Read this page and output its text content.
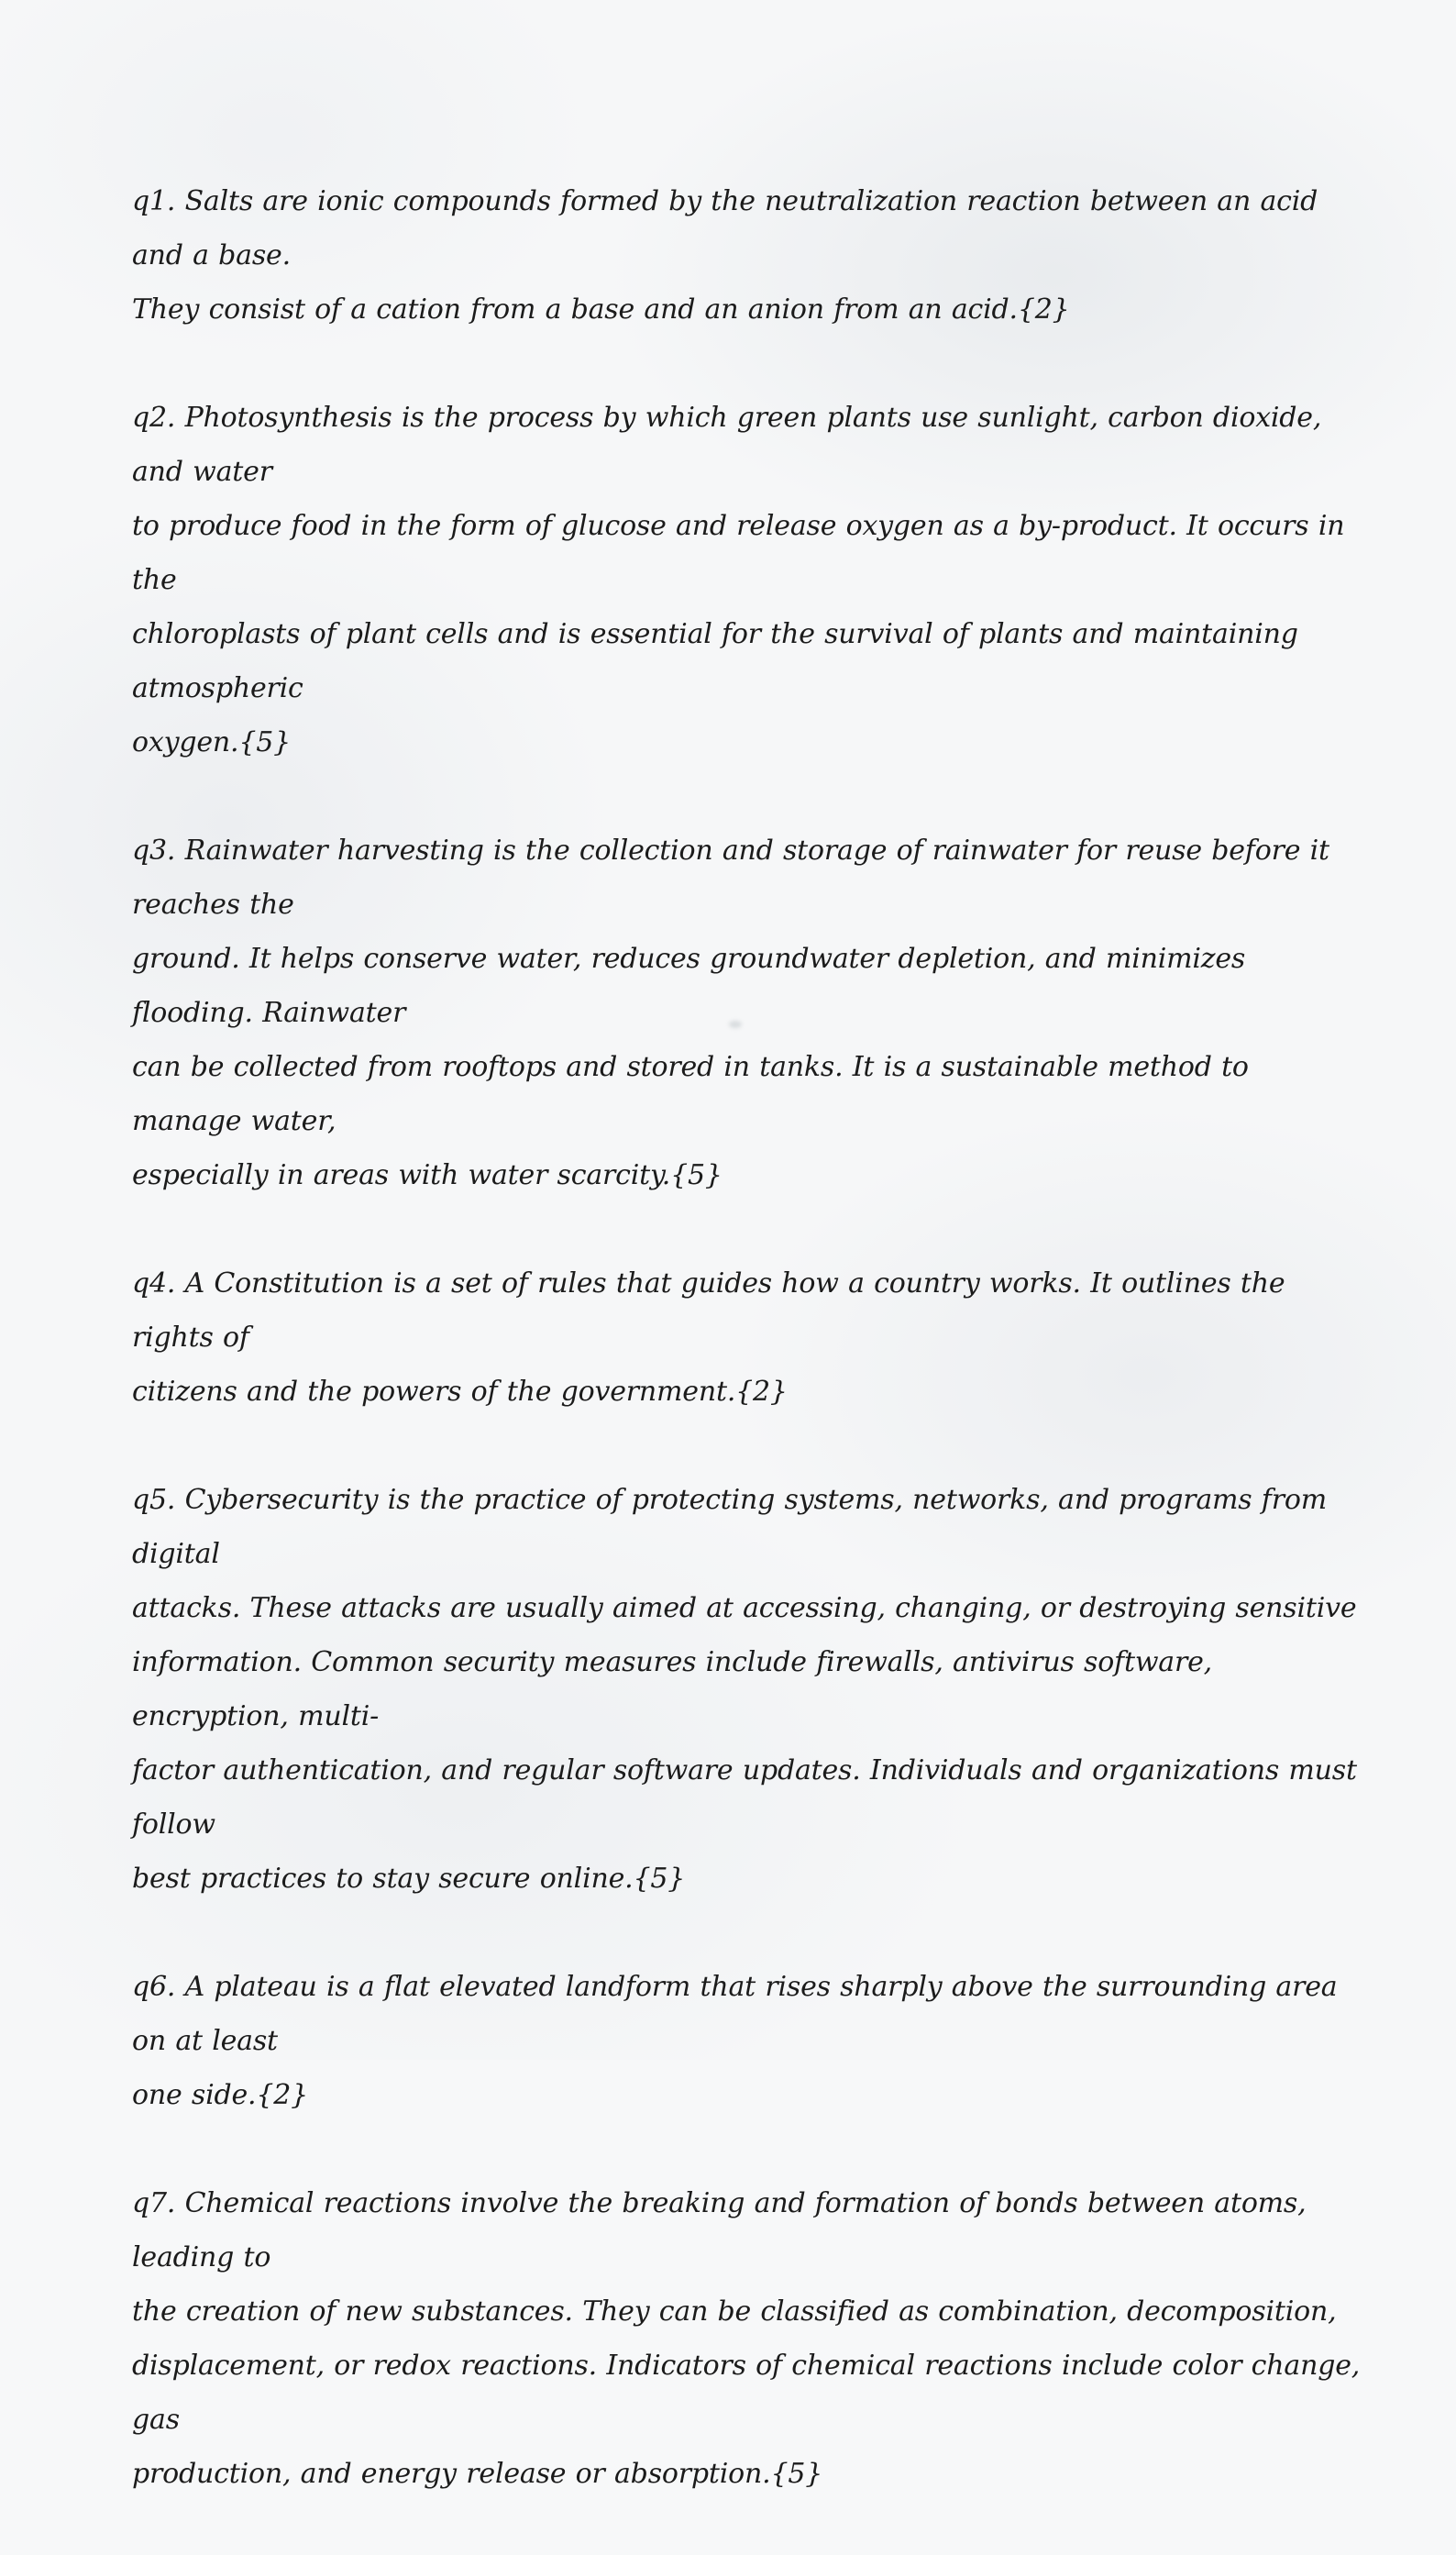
q1. Salts are ionic compounds formed by the neutralization reaction between an acid and a base.
They consist of a cation from a base and an anion from an acid.{2}

q2. Photosynthesis is the process by which green plants use sunlight, carbon dioxide, and water
to produce food in the form of glucose and release oxygen as a by-product. It occurs in the
chloroplasts of plant cells and is essential for the survival of plants and maintaining atmospheric
oxygen.{5}

q3. Rainwater harvesting is the collection and storage of rainwater for reuse before it reaches the
ground. It helps conserve water, reduces groundwater depletion, and minimizes flooding. Rainwater
can be collected from rooftops and stored in tanks. It is a sustainable method to manage water,
especially in areas with water scarcity.{5}

q4. A Constitution is a set of rules that guides how a country works. It outlines the rights of
citizens and the powers of the government.{2}

q5. Cybersecurity is the practice of protecting systems, networks, and programs from digital
attacks. These attacks are usually aimed at accessing, changing, or destroying sensitive
information. Common security measures include firewalls, antivirus software, encryption, multi-
factor authentication, and regular software updates. Individuals and organizations must follow
best practices to stay secure online.{5}

q6. A plateau is a flat elevated landform that rises sharply above the surrounding area on at least
one side.{2}

q7. Chemical reactions involve the breaking and formation of bonds between atoms, leading to
the creation of new substances. They can be classified as combination, decomposition,
displacement, or redox reactions. Indicators of chemical reactions include color change, gas
production, and energy release or absorption.{5}
